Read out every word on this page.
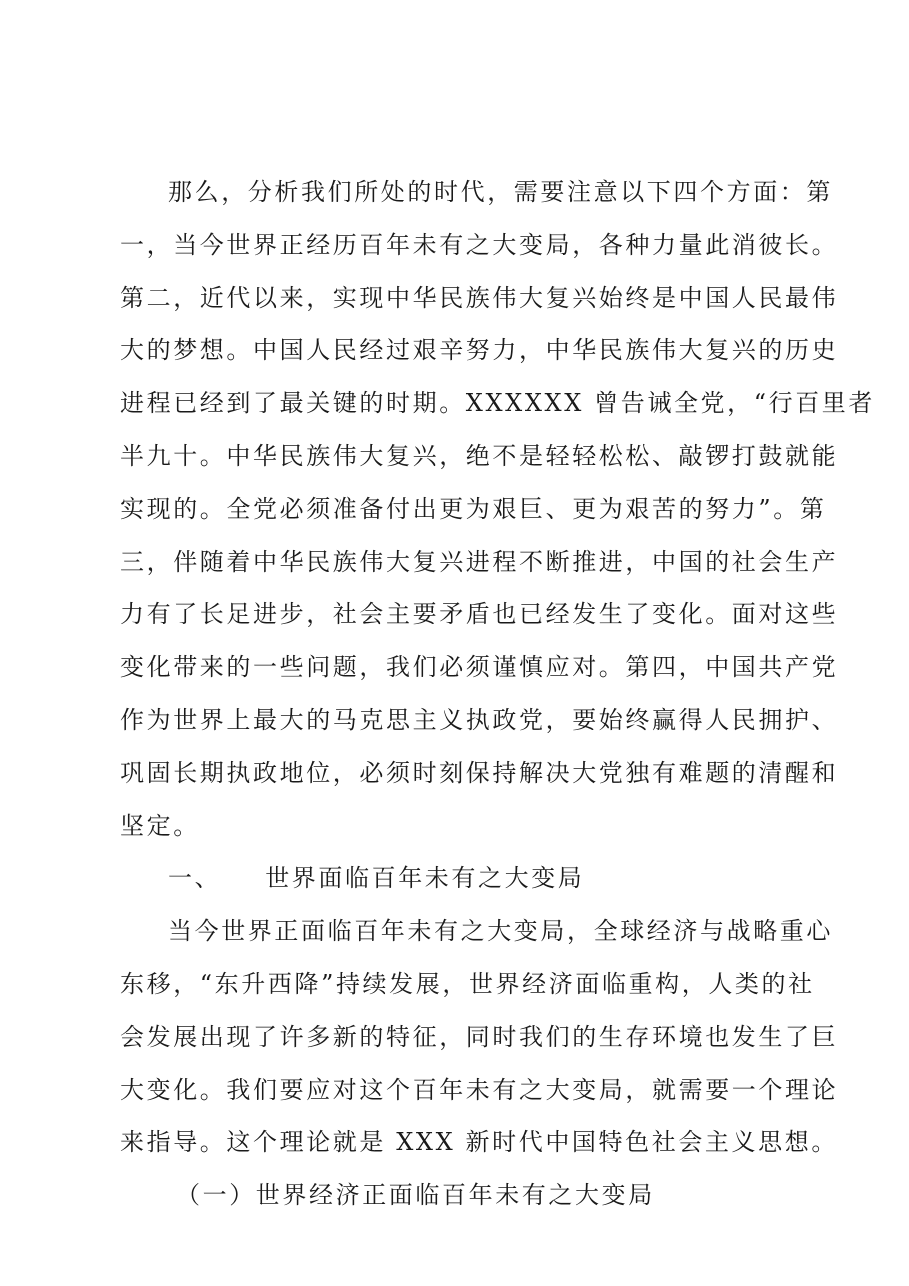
那么，分析我们所处的时代，需要注意以下四个方面：第
一，当今世界正经历百年未有之大变局，各种力量此消彼长。
第二，近代以来，实现中华民族伟大复兴始终是中国人民最伟
大的梦想。中国人民经过艰辛努力，中华民族伟大复兴的历史
进程已经到了最关键的时期。XXXXXX 曾告诫全党，“行百里者
半九十。中华民族伟大复兴，绝不是轻轻松松、敲锣打鼓就能
实现的。全党必须准备付出更为艰巨、更为艰苦的努力”。第
三，伴随着中华民族伟大复兴进程不断推进，中国的社会生产
力有了长足进步，社会主要矛盾也已经发生了变化。面对这些
变化带来的一些问题，我们必须谨慎应对。第四，中国共产党
作为世界上最大的马克思主义执政党，要始终赢得人民拥护、
巩固长期执政地位，必须时刻保持解决大党独有难题的清醒和
坚定。
一、 世界面临百年未有之大变局
当今世界正面临百年未有之大变局，全球经济与战略重心
东移，“东升西降”持续发展，世界经济面临重构，人类的社
会发展出现了许多新的特征，同时我们的生存环境也发生了巨
大变化。我们要应对这个百年未有之大变局，就需要一个理论
来指导。这个理论就是 XXX 新时代中国特色社会主义思想。
（一）世界经济正面临百年未有之大变局
